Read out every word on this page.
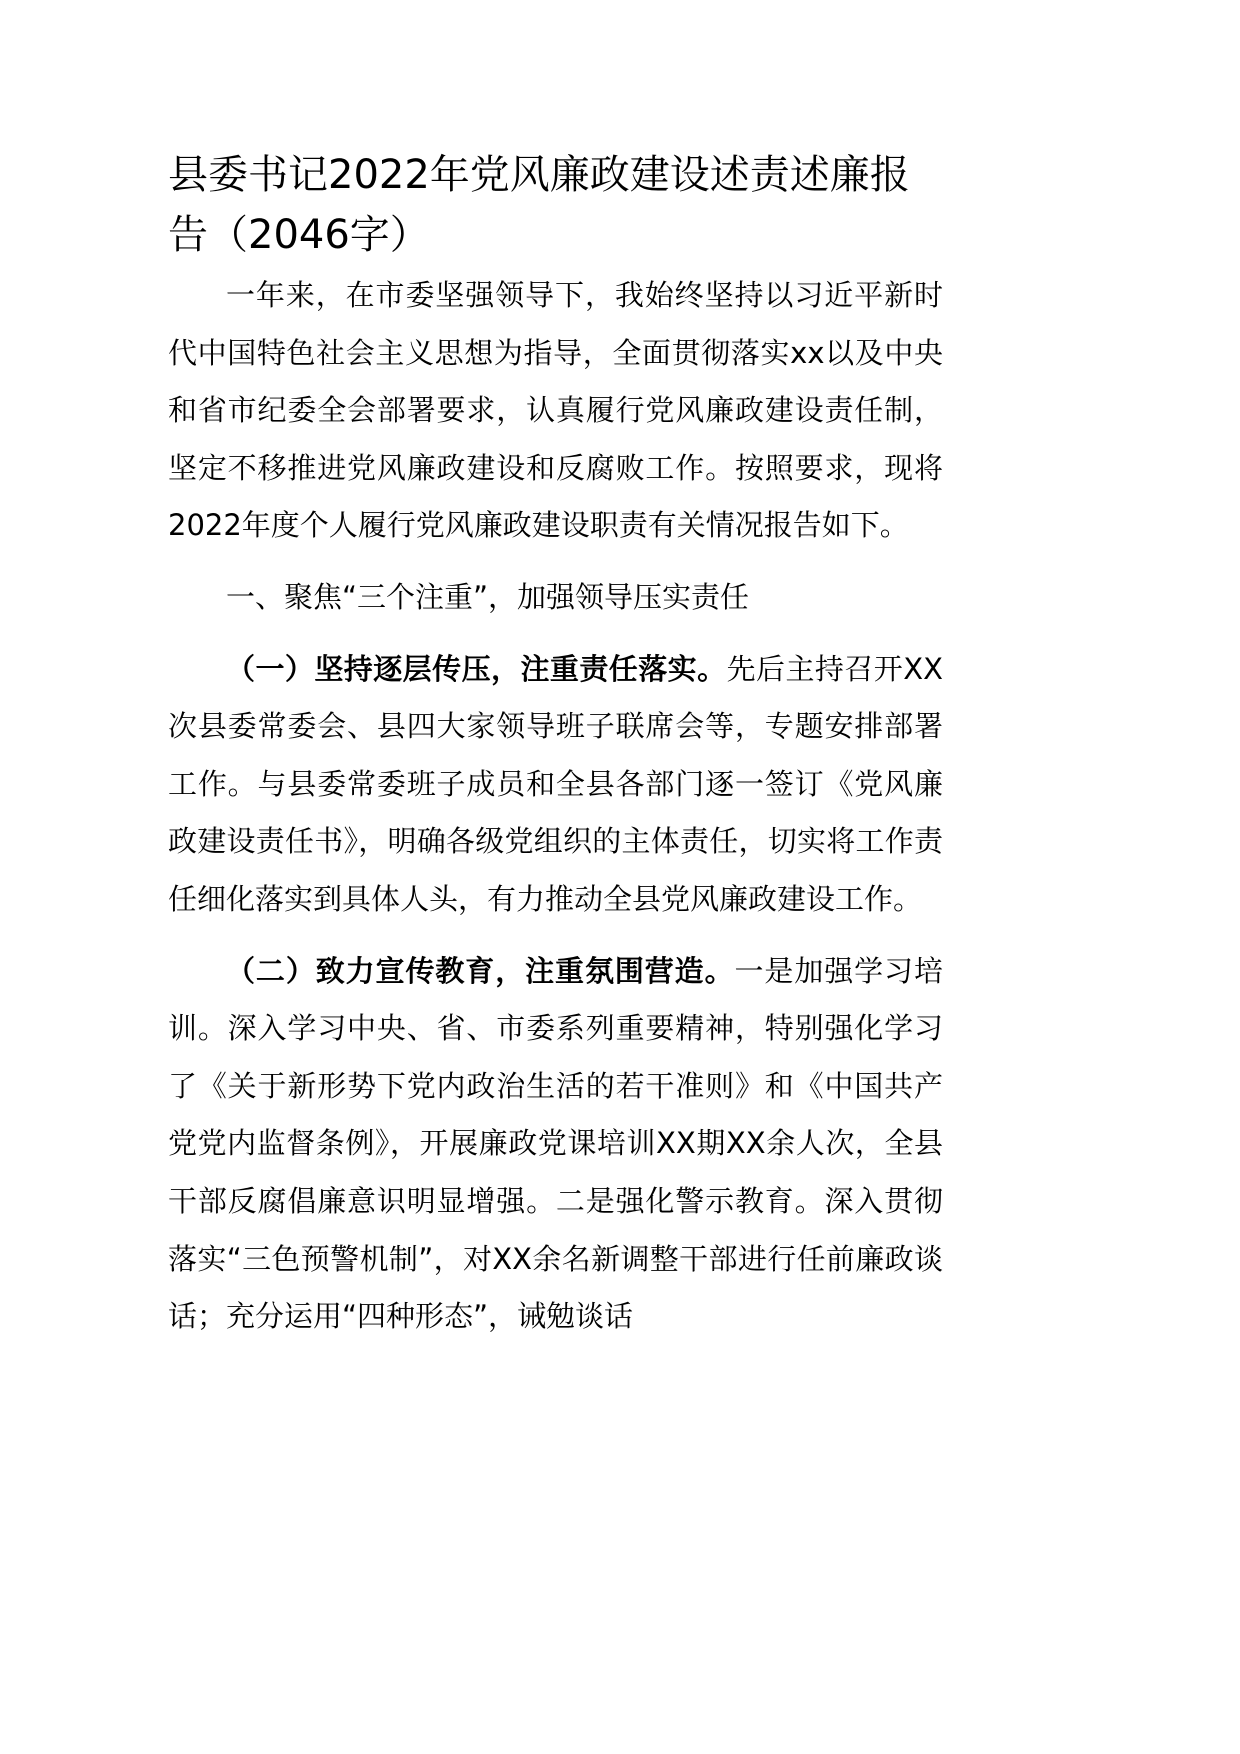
县委书记2022年党风廉政建设述责述廉报告（2046字）

一年来，在市委坚强领导下，我始终坚持以习近平新时代中国特色社会主义思想为指导，全面贯彻落实xx以及中央和省市纪委全会部署要求，认真履行党风廉政建设责任制，坚定不移推进党风廉政建设和反腐败工作。按照要求，现将2022年度个人履行党风廉政建设职责有关情况报告如下。

一、聚焦“三个注重”，加强领导压实责任

（一）坚持逐层传压，注重责任落实。先后主持召开XX次县委常委会、县四大家领导班子联席会等，专题安排部署工作。与县委常委班子成员和全县各部门逐一签订《党风廉政建设责任书》，明确各级党组织的主体责任，切实将工作责任细化落实到具体人头，有力推动全县党风廉政建设工作。

（二）致力宣传教育，注重氛围营造。一是加强学习培训。深入学习中央、省、市委系列重要精神，特别强化学习了《关于新形势下党内政治生活的若干准则》和《中国共产党党内监督条例》，开展廉政党课培训XX期XX余人次，全县干部反腐倡廉意识明显增强。二是强化警示教育。深入贯彻落实“三色预警机制”，对XX余名新调整干部进行任前廉政谈话；充分运用“四种形态”，诫勉谈话
